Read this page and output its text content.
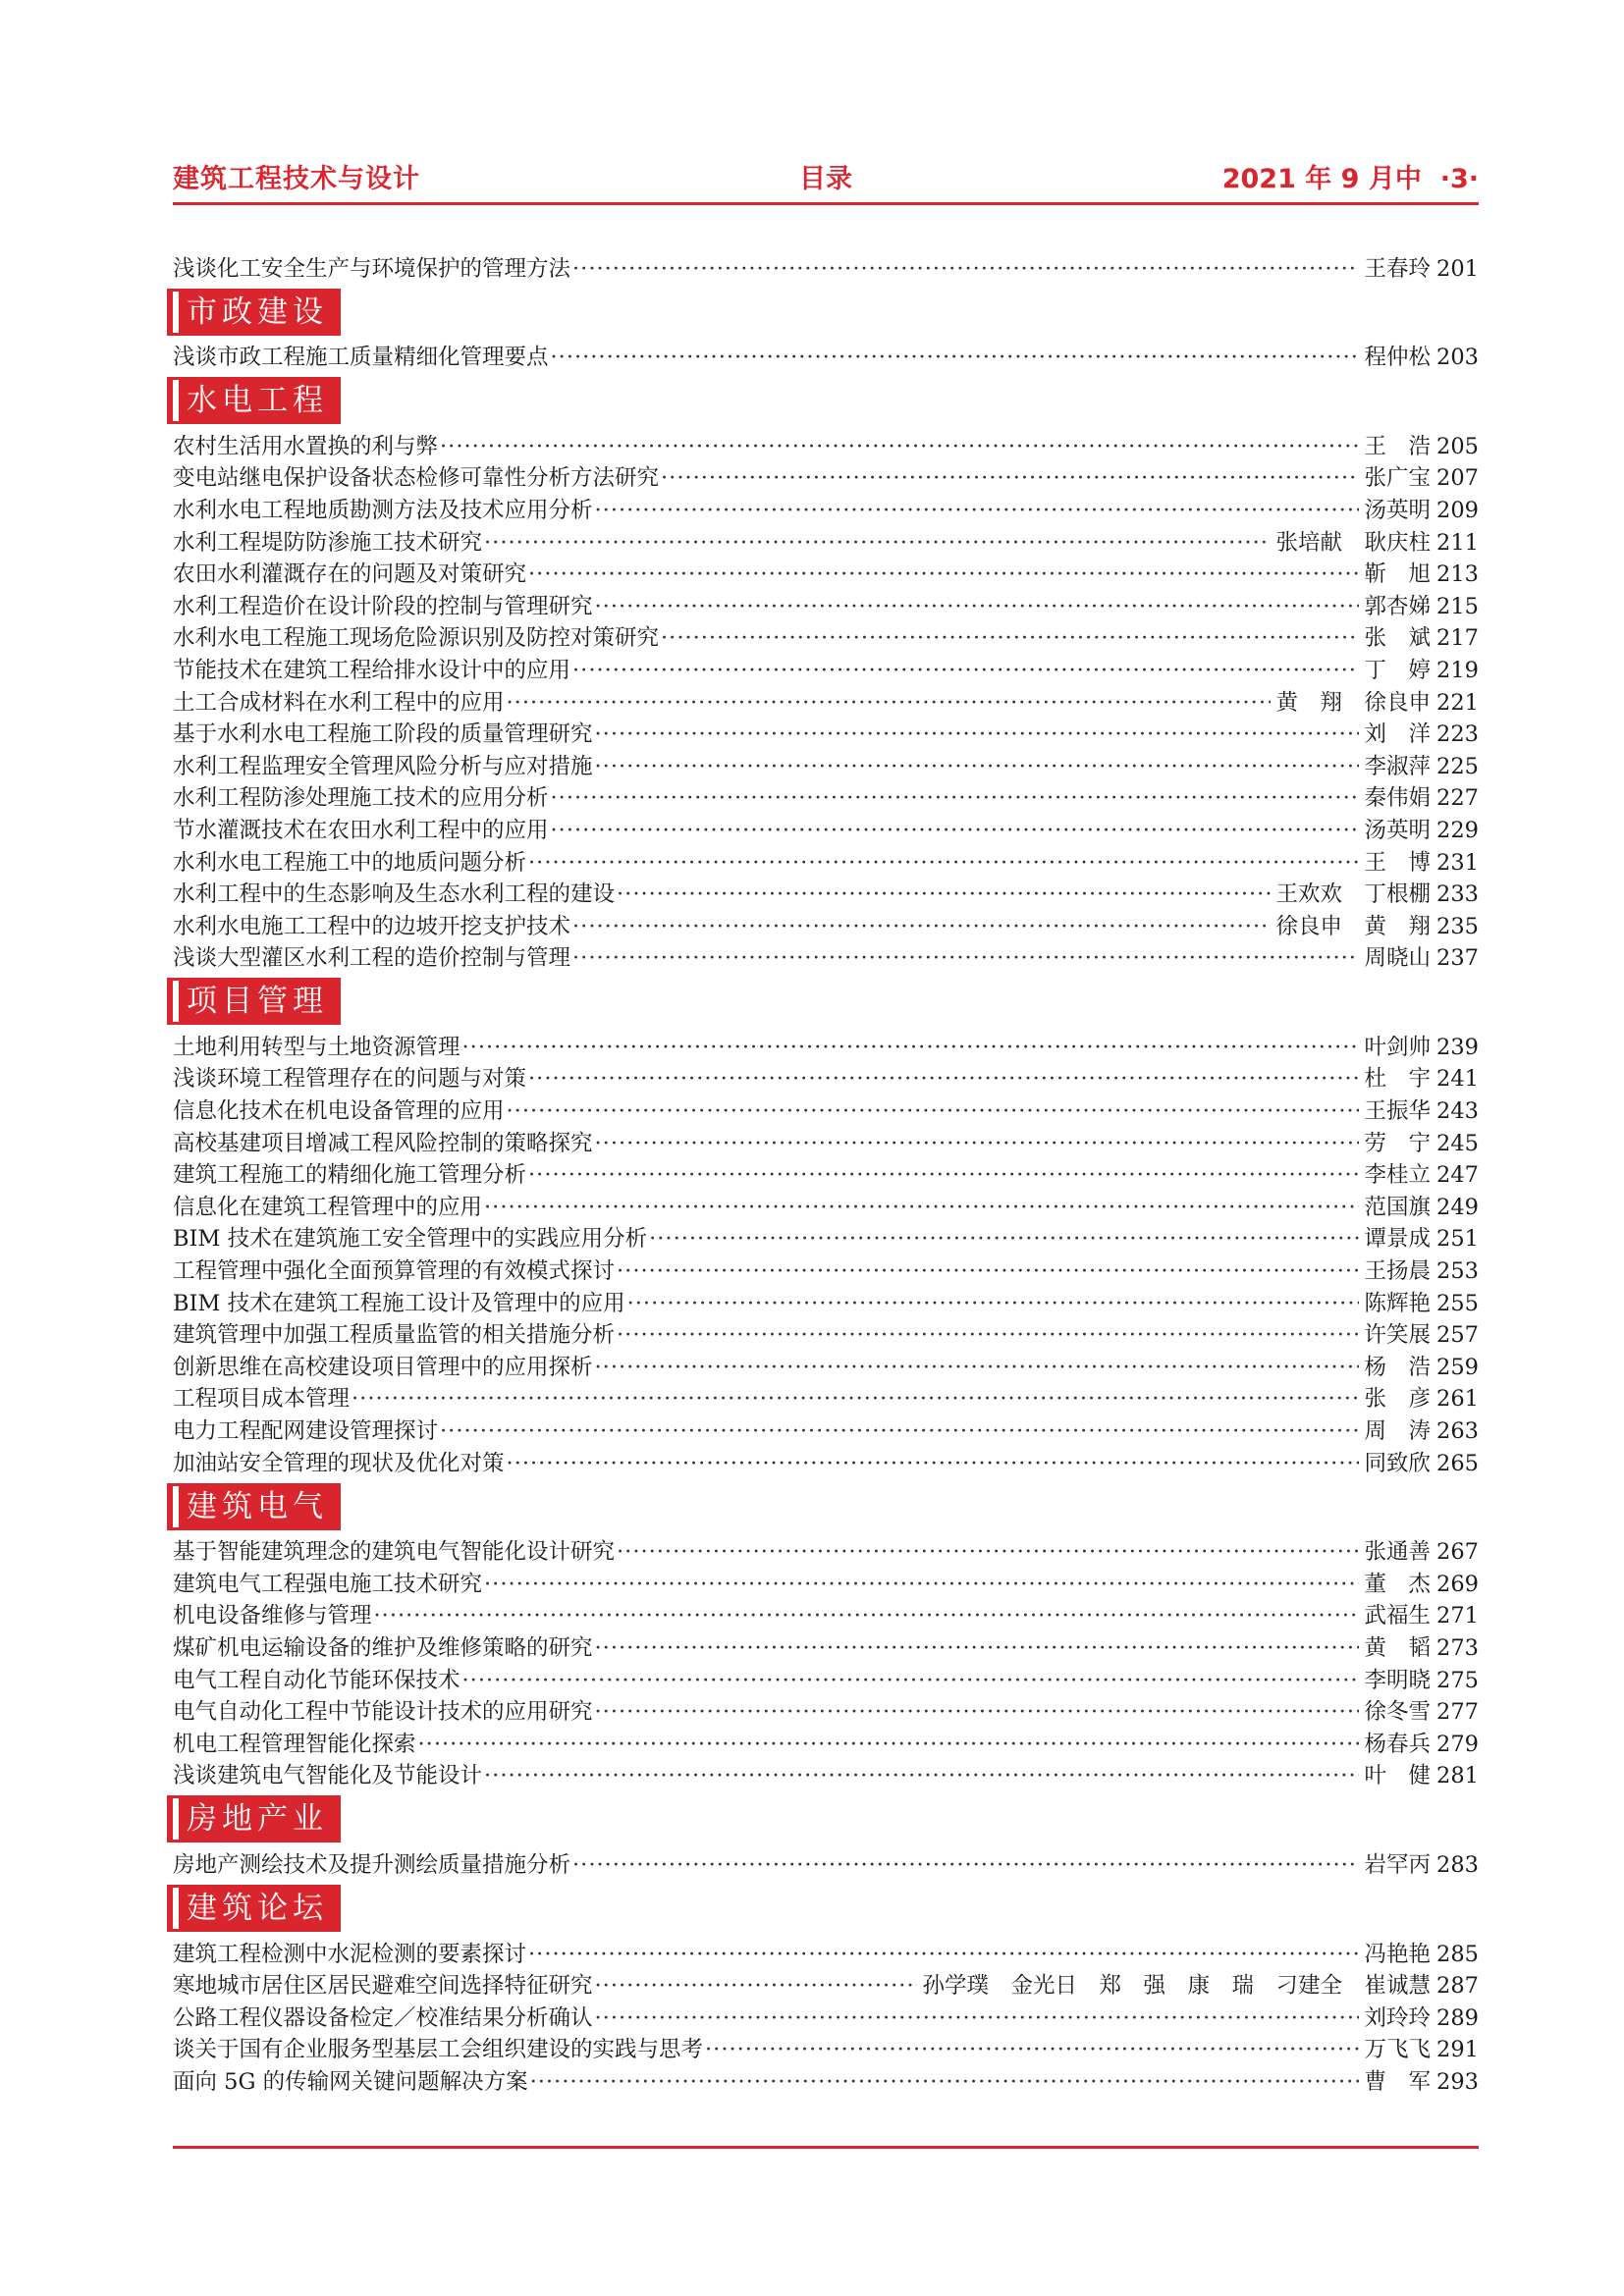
建筑工程技术与设计	目录	2021 年 9 月中 ·3·
浅谈化工安全生产与环境保护的管理方法 ·····	王春玲 201
市政建设
浅谈市政工程施工质量精细化管理要点 ·····	程仲松 203
水电工程
农村生活用水置换的利与弊 ·····	王　浩 205
变电站继电保护设备状态检修可靠性分析方法研究 ·····	张广宝 207
水利水电工程地质勘测方法及技术应用分析 ·····	汤英明 209
水利工程堤防防渗施工技术研究 ·····	张培献　耿庆柱 211
农田水利灌溉存在的问题及对策研究 ·····	靳　旭 213
水利工程造价在设计阶段的控制与管理研究 ·····	郭杏娣 215
水利水电工程施工现场危险源识别及防控对策研究 ·····	张　斌 217
节能技术在建筑工程给排水设计中的应用 ·····	丁　婷 219
土工合成材料在水利工程中的应用 ·····	黄　翔　徐良申 221
基于水利水电工程施工阶段的质量管理研究 ·····	刘　洋 223
水利工程监理安全管理风险分析与应对措施 ·····	李淑萍 225
水利工程防渗处理施工技术的应用分析 ·····	秦伟娟 227
节水灌溉技术在农田水利工程中的应用 ·····	汤英明 229
水利水电工程施工中的地质问题分析 ·····	王　博 231
水利工程中的生态影响及生态水利工程的建设 ·····	王欢欢　丁根棚 233
水利水电施工工程中的边坡开挖支护技术 ·····	徐良申　黄　翔 235
浅谈大型灌区水利工程的造价控制与管理 ·····	周晓山 237
项目管理
土地利用转型与土地资源管理 ·····	叶剑帅 239
浅谈环境工程管理存在的问题与对策 ·····	杜　宇 241
信息化技术在机电设备管理的应用 ·····	王振华 243
高校基建项目增减工程风险控制的策略探究 ·····	劳　宁 245
建筑工程施工的精细化施工管理分析 ·····	李桂立 247
信息化在建筑工程管理中的应用 ·····	范国旗 249
BIM 技术在建筑施工安全管理中的实践应用分析 ·····	谭景成 251
工程管理中强化全面预算管理的有效模式探讨 ·····	王扬晨 253
BIM 技术在建筑工程施工设计及管理中的应用 ·····	陈辉艳 255
建筑管理中加强工程质量监管的相关措施分析 ·····	许笑展 257
创新思维在高校建设项目管理中的应用探析 ·····	杨　浩 259
工程项目成本管理 ·····	张　彦 261
电力工程配网建设管理探讨 ·····	周　涛 263
加油站安全管理的现状及优化对策 ·····	同致欣 265
建筑电气
基于智能建筑理念的建筑电气智能化设计研究 ·····	张通善 267
建筑电气工程强电施工技术研究 ·····	董　杰 269
机电设备维修与管理 ·····	武福生 271
煤矿机电运输设备的维护及维修策略的研究 ·····	黄　韬 273
电气工程自动化节能环保技术 ·····	李明晓 275
电气自动化工程中节能设计技术的应用研究 ·····	徐冬雪 277
机电工程管理智能化探索 ·····	杨春兵 279
浅谈建筑电气智能化及节能设计 ·····	叶　健 281
房地产业
房地产测绘技术及提升测绘质量措施分析 ·····	岩罕丙 283
建筑论坛
建筑工程检测中水泥检测的要素探讨 ·····	冯艳艳 285
寒地城市居住区居民避难空间选择特征研究 ·····	孙学璞　金光日　郑　强　康　瑞　刁建全　崔诚慧 287
公路工程仪器设备检定／校准结果分析确认 ·····	刘玲玲 289
谈关于国有企业服务型基层工会组织建设的实践与思考 ·····	万飞飞 291
面向 5G 的传输网关键问题解决方案 ·····	曹　军 293
